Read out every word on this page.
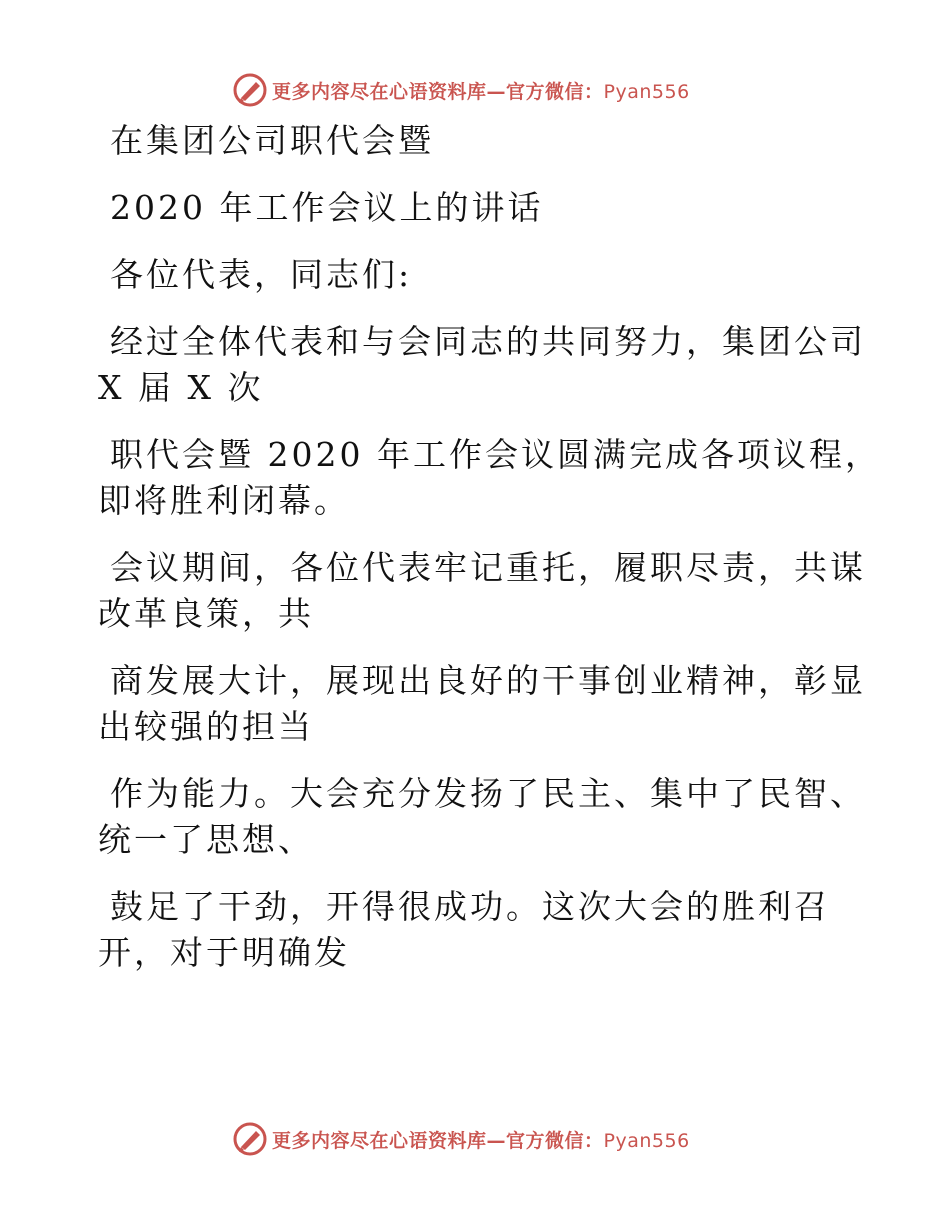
更多内容尽在心语资料库—官方微信：Pyan556

在集团公司职代会暨

2020 年工作会议上的讲话

各位代表，同志们:

经过全体代表和与会同志的共同努力，集团公司

X 届 X 次

职代会暨 2020 年工作会议圆满完成各项议程，

即将胜利闭幕。

会议期间，各位代表牢记重托，履职尽责，共谋

改革良策，共

商发展大计，展现出良好的干事创业精神，彰显

出较强的担当

作为能力。大会充分发扬了民主、集中了民智、

统一了思想、

鼓足了干劲，开得很成功。这次大会的胜利召

开，对于明确发

更多内容尽在心语资料库—官方微信：Pyan556
